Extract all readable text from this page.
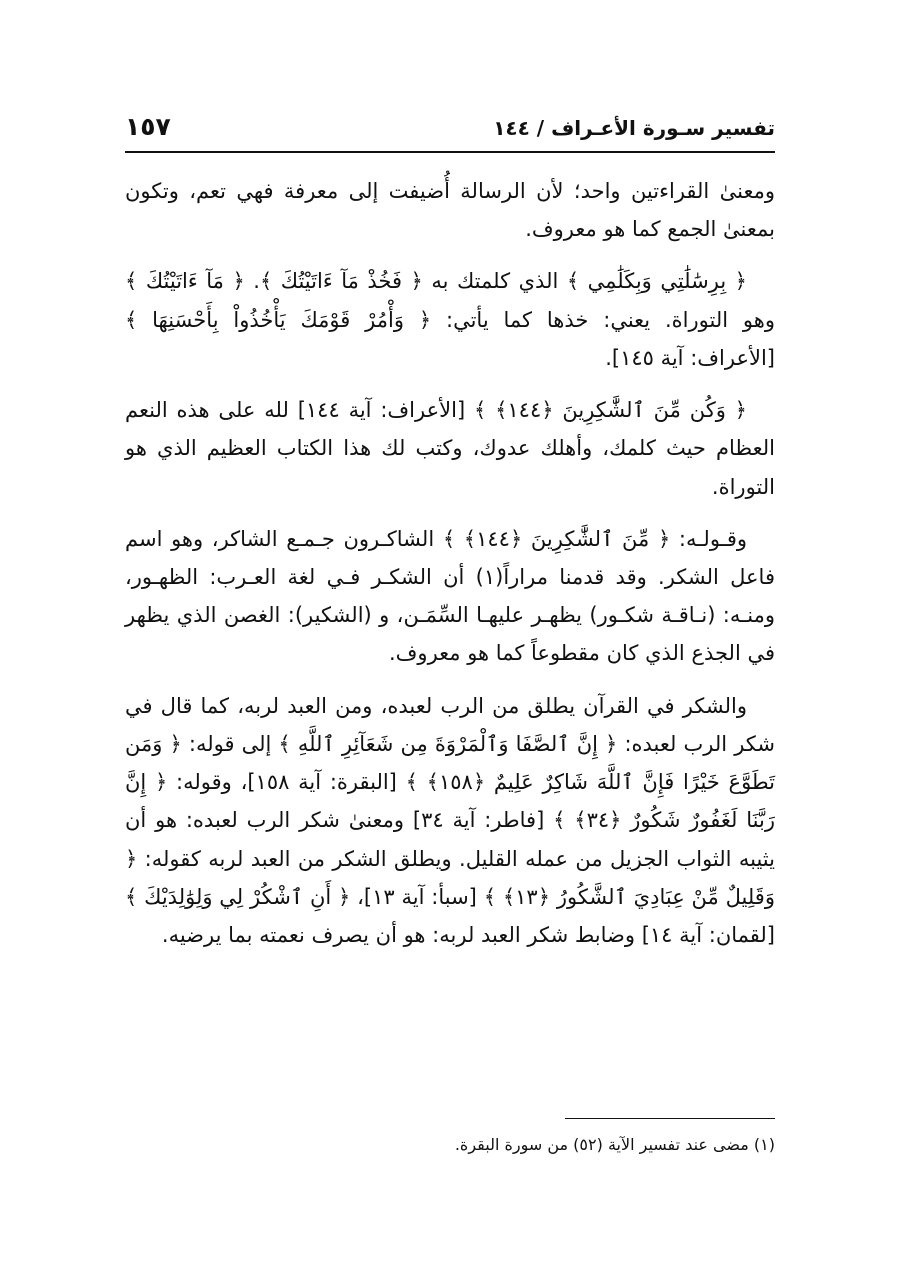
تفسير سـورة الأعـراف / ١٤٤
١٥٧

ومعنىٰ القراءتين واحد؛ لأن الرسالة أُضيفت إلى معرفة فهي تعم، وتكون بمعنىٰ الجمع كما هو معروف.

﴿ بِرِسَٰلَٰتِي وَبِكَلَٰمِي ﴾ الذي كلمتك به ﴿ فَخُذْ مَآ ءَاتَيْتُكَ ﴾. ﴿ مَآ ءَاتَيْتُكَ ﴾ وهو التوراة. يعني: خذها كما يأتي: ﴿ وَأْمُرْ قَوْمَكَ يَأْخُذُواْ بِأَحْسَنِهَا ﴾ [الأعراف: آية ١٤٥].

﴿ وَكُن مِّنَ ٱلشَّٰكِرِينَ ﴿١٤٤﴾ ﴾ [الأعراف: آية ١٤٤] لله على هذه النعم العظام حيث كلمك، وأهلك عدوك، وكتب لك هذا الكتاب العظيم الذي هو التوراة.

وقـولـه: ﴿ مِّنَ ٱلشَّٰكِرِينَ ﴿١٤٤﴾ ﴾ الشاكـرون جـمـع الشاكر، وهو اسم فاعل الشكر. وقد قدمنا مراراً(١) أن الشكـر فـي لغة العـرب: الظهـور، ومنـه: (نـاقـة شكـور) يظهـر عليهـا السِّمَـن، و (الشكير): الغصن الذي يظهر في الجذع الذي كان مقطوعاً كما هو معروف.

والشكر في القرآن يطلق من الرب لعبده، ومن العبد لربه، كما قال في شكر الرب لعبده: ﴿ إِنَّ ٱلصَّفَا وَٱلْمَرْوَةَ مِن شَعَآئِرِ ٱللَّهِ ﴾ إلى قوله: ﴿ وَمَن تَطَوَّعَ خَيْرًا فَإِنَّ ٱللَّهَ شَاكِرٌ عَلِيمٌ ﴿١٥٨﴾ ﴾ [البقرة: آية ١٥٨]، وقوله: ﴿ إِنَّ رَبَّنَا لَغَفُورٌ شَكُورٌ ﴿٣٤﴾ ﴾ [فاطر: آية ٣٤] ومعنىٰ شكر الرب لعبده: هو أن يثيبه الثواب الجزيل من عمله القليل. ويطلق الشكر من العبد لربه كقوله: ﴿ وَقَلِيلٌ مِّنْ عِبَادِيَ ٱلشَّكُورُ ﴿١٣﴾ ﴾ [سبأ: آية ١٣]، ﴿ أَنِ ٱشْكُرْ لِي وَلِوَٰلِدَيْكَ ﴾ [لقمان: آية ١٤] وضابط شكر العبد لربه: هو أن يصرف نعمته بما يرضيه.

(١) مضى عند تفسير الآية (٥٢) من سورة البقرة.
